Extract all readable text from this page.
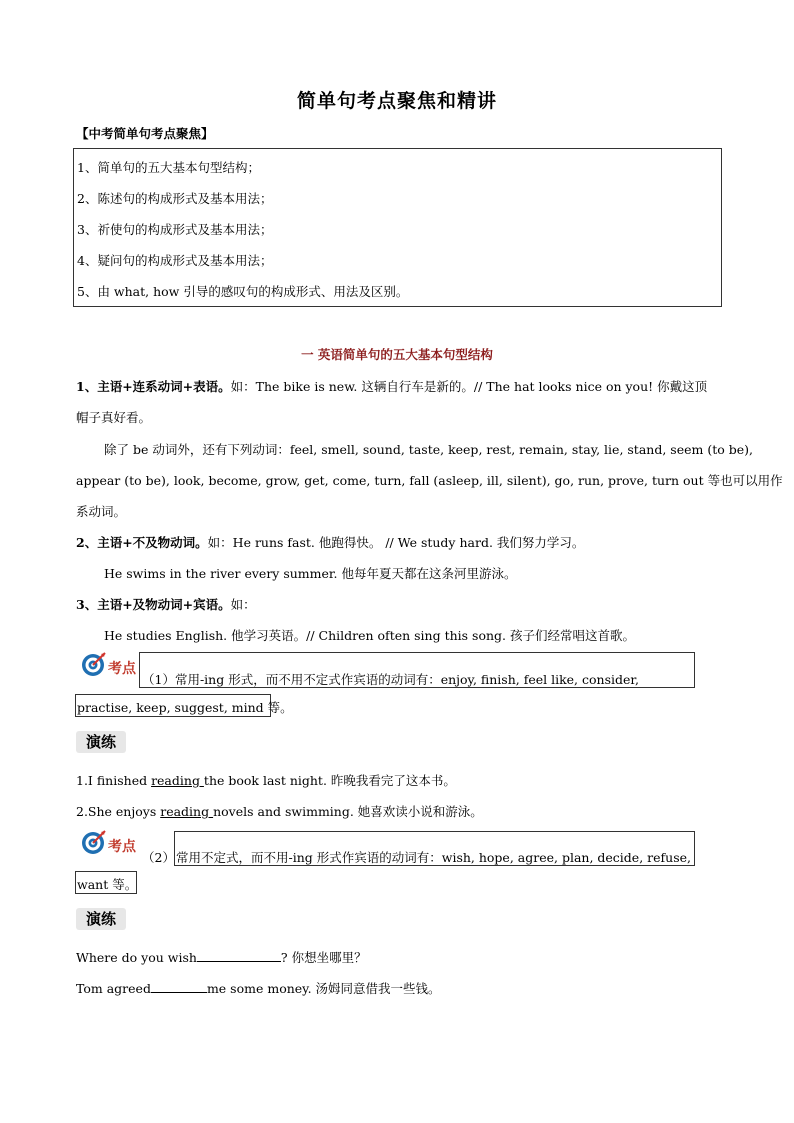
简单句考点聚焦和精讲
【中考简单句考点聚焦】
1、简单句的五大基本句型结构；
2、陈述句的构成形式及基本用法；
3、祈使句的构成形式及基本用法；
4、疑问句的构成形式及基本用法；
5、由 what, how 引导的感叹句的构成形式、用法及区别。
一 英语简单句的五大基本句型结构
1、主语+连系动词+表语。如：The bike is new. 这辆自行车是新的。// The hat looks nice on you! 你戴这顶
帽子真好看。
除了 be 动词外，还有下列动词：feel, smell, sound, taste, keep, rest, remain, stay, lie, stand, seem (to be),
appear (to be), look, become, grow, get, come, turn, fall (asleep, ill, silent), go, run, prove, turn out 等也可以用作
系动词。
2、主语+不及物动词。如：He runs fast. 他跑得快。 // We study hard. 我们努力学习。
He swims in the river every summer. 他每年夏天都在这条河里游泳。
3、主语+及物动词+宾语。如：
He studies English. 他学习英语。// Children often sing this song. 孩子们经常唱这首歌。
考点
（1）常用-ing 形式，而不用不定式作宾语的动词有：enjoy, finish, feel like, consider,
practise, keep, suggest, mind 等。
演练
1.I finished reading the book last night. 昨晚我看完了这本书。
2.She enjoys reading novels and swimming. 她喜欢读小说和游泳。
考点
（2） 常用不定式，而不用-ing 形式作宾语的动词有：wish, hope, agree, plan, decide, refuse,
want 等。
演练
Where do you wish	? 你想坐哪里？
Tom agreed	me some money. 汤姆同意借我一些钱。
